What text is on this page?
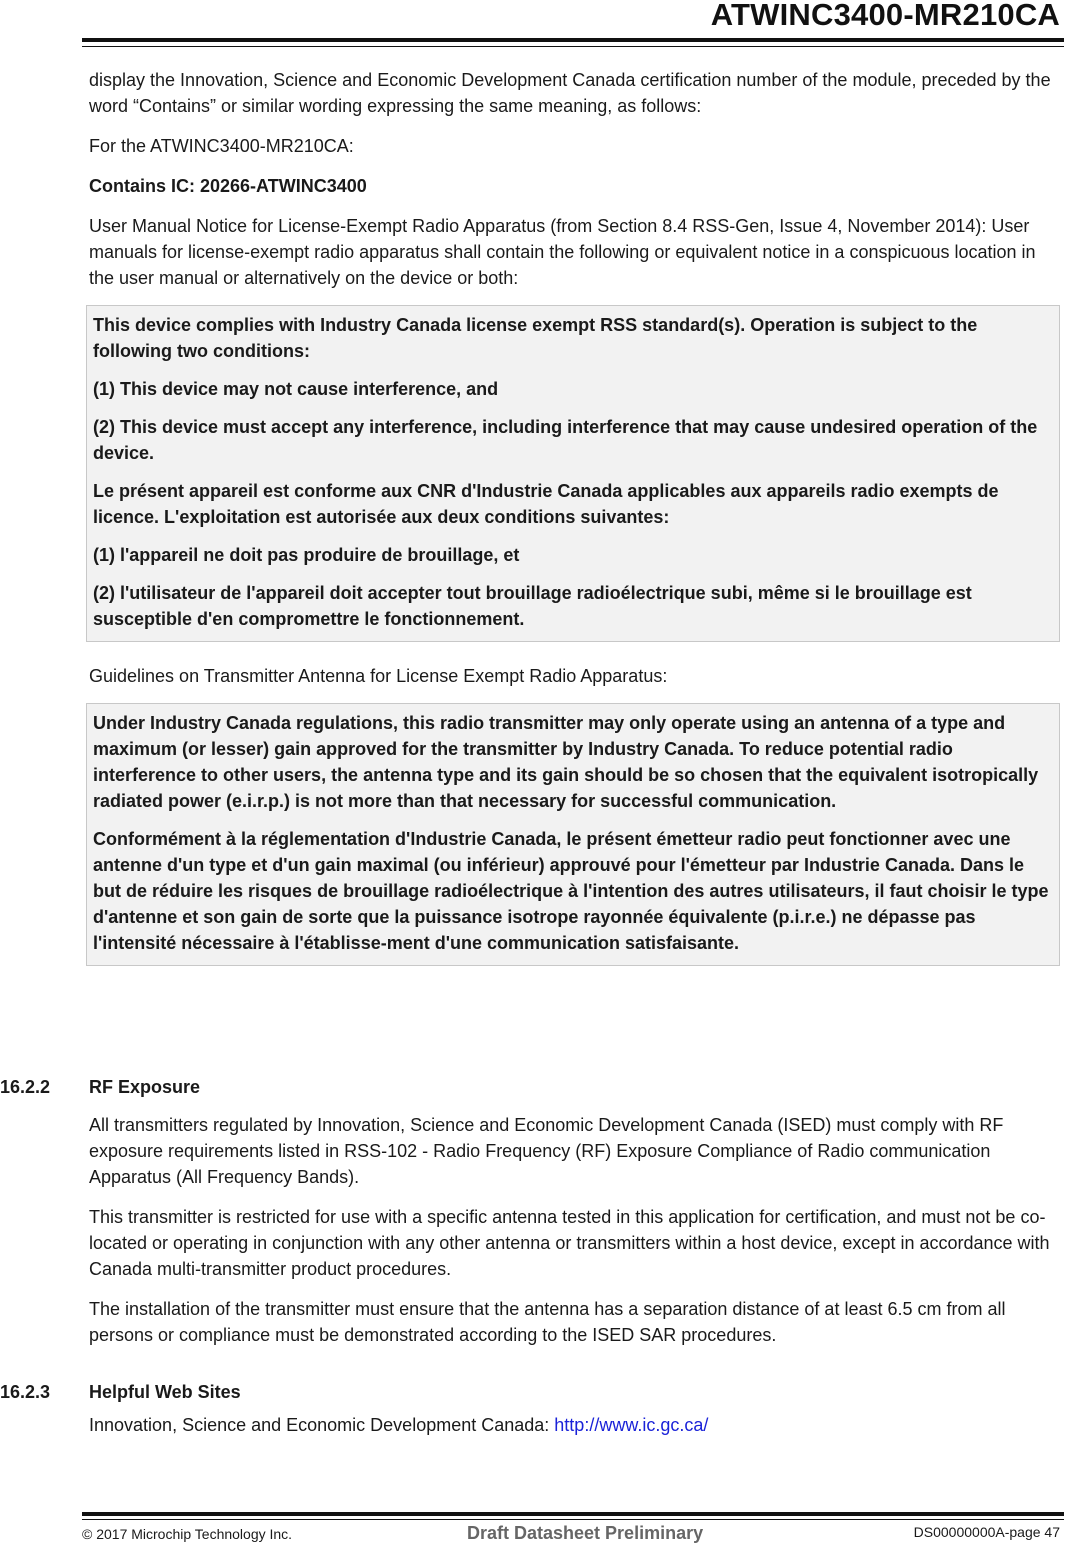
ATWINC3400-MR210CA

display the Innovation, Science and Economic Development Canada certification number of the module, preceded by the word “Contains” or similar wording expressing the same meaning, as follows:

For the ATWINC3400-MR210CA:

Contains IC: 20266-ATWINC3400

User Manual Notice for License-Exempt Radio Apparatus (from Section 8.4 RSS-Gen, Issue 4, November 2014): User manuals for license-exempt radio apparatus shall contain the following or equivalent notice in a conspicuous location in the user manual or alternatively on the device or both:

This device complies with Industry Canada license exempt RSS standard(s). Operation is subject to the following two conditions:

(1) This device may not cause interference, and

(2) This device must accept any interference, including interference that may cause undesired operation of the device.

Le présent appareil est conforme aux CNR d'Industrie Canada applicables aux appareils radio exempts de licence. L'exploitation est autorisée aux deux conditions suivantes:

(1) l'appareil ne doit pas produire de brouillage, et

(2) l'utilisateur de l'appareil doit accepter tout brouillage radioélectrique subi, même si le brouillage est susceptible d'en compromettre le fonctionnement.

Guidelines on Transmitter Antenna for License Exempt Radio Apparatus:

Under Industry Canada regulations, this radio transmitter may only operate using an antenna of a type and maximum (or lesser) gain approved for the transmitter by Industry Canada. To reduce potential radio interference to other users, the antenna type and its gain should be so chosen that the equivalent isotropically radiated power (e.i.r.p.) is not more than that necessary for successful communication.

Conformément à la réglementation d'Industrie Canada, le présent émetteur radio peut fonctionner avec une antenne d'un type et d'un gain maximal (ou inférieur) approuvé pour l'émetteur par Industrie Canada. Dans le but de réduire les risques de brouillage radioélectrique à l'intention des autres utilisateurs, il faut choisir le type d'antenne et son gain de sorte que la puissance isotrope rayonnée équivalente (p.i.r.e.) ne dépasse pas l'intensité nécessaire à l'établisse-ment d'une communication satisfaisante.

16.2.2 RF Exposure

All transmitters regulated by Innovation, Science and Economic Development Canada (ISED) must comply with RF exposure requirements listed in RSS-102 - Radio Frequency (RF) Exposure Compliance of Radio communication Apparatus (All Frequency Bands).

This transmitter is restricted for use with a specific antenna tested in this application for certification, and must not be co-located or operating in conjunction with any other antenna or transmitters within a host device, except in accordance with Canada multi-transmitter product procedures.

The installation of the transmitter must ensure that the antenna has a separation distance of at least 6.5 cm from all persons or compliance must be demonstrated according to the ISED SAR procedures.

16.2.3 Helpful Web Sites

Innovation, Science and Economic Development Canada: http://www.ic.gc.ca/

© 2017 Microchip Technology Inc.	Draft Datasheet Preliminary	DS00000000A-page 47
